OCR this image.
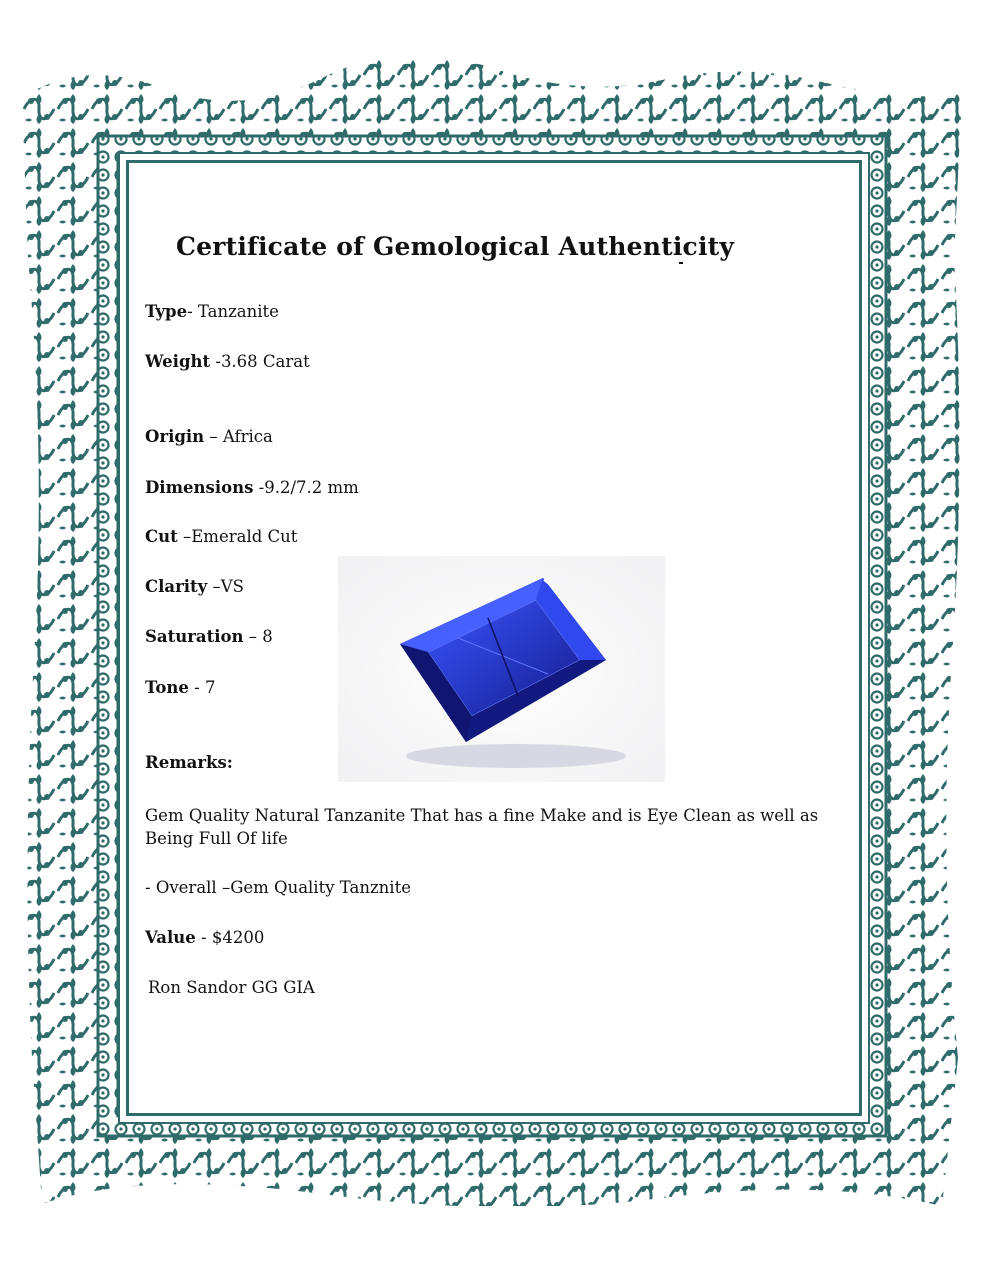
Certificate of Gemological Authenticity

Type- Tanzanite

Weight -3.68 Carat

Origin – Africa

Dimensions -9.2/7.2 mm

Cut –Emerald Cut

Clarity –VS

Saturation – 8

Tone - 7

Remarks:

Gem Quality Natural Tanzanite That has a fine Make and is Eye Clean as well as Being Full Of life

- Overall –Gem Quality Tanznite

Value - $4200

Ron Sandor GG GIA
